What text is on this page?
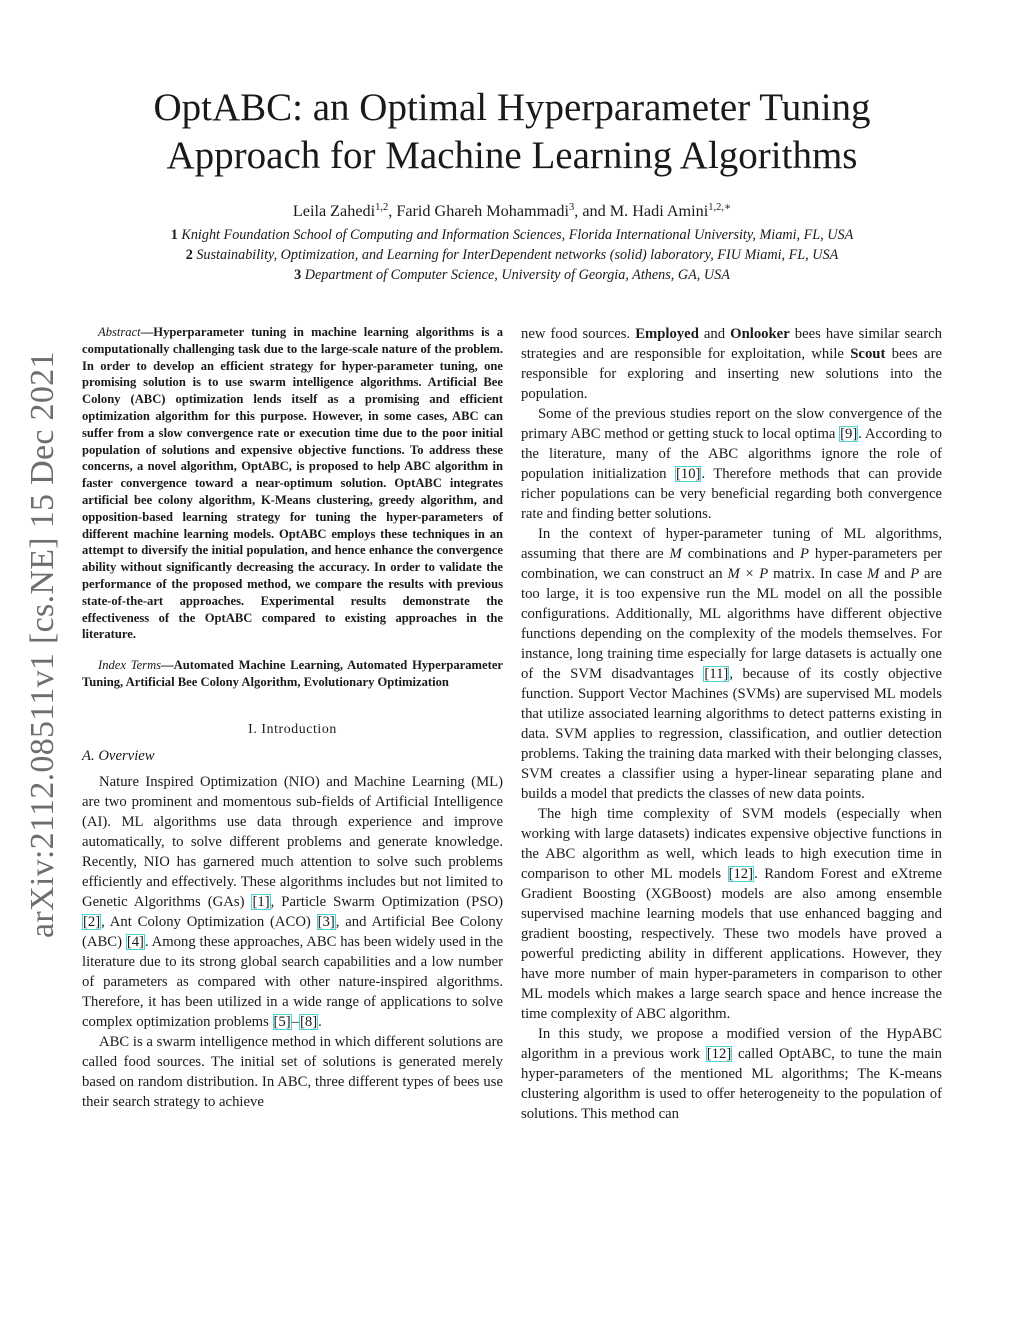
arXiv:2112.08511v1 [cs.NE] 15 Dec 2021
OptABC: an Optimal Hyperparameter Tuning
Approach for Machine Learning Algorithms
Leila Zahedi$^{1,2}$, Farid Ghareh Mohammadi$^3$, and M. Hadi Amini$^{1,2,∗}$
1 Knight Foundation School of Computing and Information Sciences, Florida International University, Miami, FL, USA
2 Sustainability, Optimization, and Learning for InterDependent networks (solid) laboratory, FIU Miami, FL, USA
3 Department of Computer Science, University of Georgia, Athens, GA, USA

Abstract—Hyperparameter tuning in machine learning algorithms is a computationally challenging task due to the large-scale nature of the problem. In order to develop an efficient strategy for hyper-parameter tuning, one promising solution is to use swarm intelligence algorithms. Artificial Bee Colony (ABC) optimization lends itself as a promising and efficient optimization algorithm for this purpose. However, in some cases, ABC can suffer from a slow convergence rate or execution time due to the poor initial population of solutions and expensive objective functions. To address these concerns, a novel algorithm, OptABC, is proposed to help ABC algorithm in faster convergence toward a near-optimum solution. OptABC integrates artificial bee colony algorithm, K-Means clustering, greedy algorithm, and opposition-based learning strategy for tuning the hyper-parameters of different machine learning models. OptABC employs these techniques in an attempt to diversify the initial population, and hence enhance the convergence ability without significantly decreasing the accuracy. In order to validate the performance of the proposed method, we compare the results with previous state-of-the-art approaches. Experimental results demonstrate the effectiveness of the OptABC compared to existing approaches in the literature.

Index Terms—Automated Machine Learning, Automated Hyperparameter Tuning, Artificial Bee Colony Algorithm, Evolutionary Optimization

I. Introduction
A. Overview

Nature Inspired Optimization (NIO) and Machine Learning (ML) are two prominent and momentous sub-fields of Artificial Intelligence (AI). ML algorithms use data through experience and improve automatically, to solve different problems and generate knowledge. Recently, NIO has garnered much attention to solve such problems efficiently and effectively. These algorithms includes but not limited to Genetic Algorithms (GAs) [1], Particle Swarm Optimization (PSO) [2], Ant Colony Optimization (ACO) [3], and Artificial Bee Colony (ABC) [4]. Among these approaches, ABC has been widely used in the literature due to its strong global search capabilities and a low number of parameters as compared with other nature-inspired algorithms. Therefore, it has been utilized in a wide range of applications to solve complex optimization problems [5]–[8].

ABC is a swarm intelligence method in which different solutions are called food sources. The initial set of solutions is generated merely based on random distribution. In ABC, three different types of bees use their search strategy to achieve

new food sources. Employed and Onlooker bees have similar search strategies and are responsible for exploitation, while Scout bees are responsible for exploring and inserting new solutions into the population.

Some of the previous studies report on the slow convergence of the primary ABC method or getting stuck to local optima [9]. According to the literature, many of the ABC algorithms ignore the role of population initialization [10]. Therefore methods that can provide richer populations can be very beneficial regarding both convergence rate and finding better solutions.

In the context of hyper-parameter tuning of ML algorithms, assuming that there are M combinations and P hyper-parameters per combination, we can construct an M × P matrix. In case M and P are too large, it is too expensive run the ML model on all the possible configurations. Additionally, ML algorithms have different objective functions depending on the complexity of the models themselves. For instance, long training time especially for large datasets is actually one of the SVM disadvantages [11], because of its costly objective function. Support Vector Machines (SVMs) are supervised ML models that utilize associated learning algorithms to detect patterns existing in data. SVM applies to regression, classification, and outlier detection problems. Taking the training data marked with their belonging classes, SVM creates a classifier using a hyper-linear separating plane and builds a model that predicts the classes of new data points.

The high time complexity of SVM models (especially when working with large datasets) indicates expensive objective functions in the ABC algorithm as well, which leads to high execution time in comparison to other ML models [12]. Random Forest and eXtreme Gradient Boosting (XGBoost) models are also among ensemble supervised machine learning models that use enhanced bagging and gradient boosting, respectively. These two models have proved a powerful predicting ability in different applications. However, they have more number of main hyper-parameters in comparison to other ML models which makes a large search space and hence increase the time complexity of ABC algorithm.

In this study, we propose a modified version of the HypABC algorithm in a previous work [12] called OptABC, to tune the main hyper-parameters of the mentioned ML algorithms; The K-means clustering algorithm is used to offer heterogeneity to the population of solutions. This method can
